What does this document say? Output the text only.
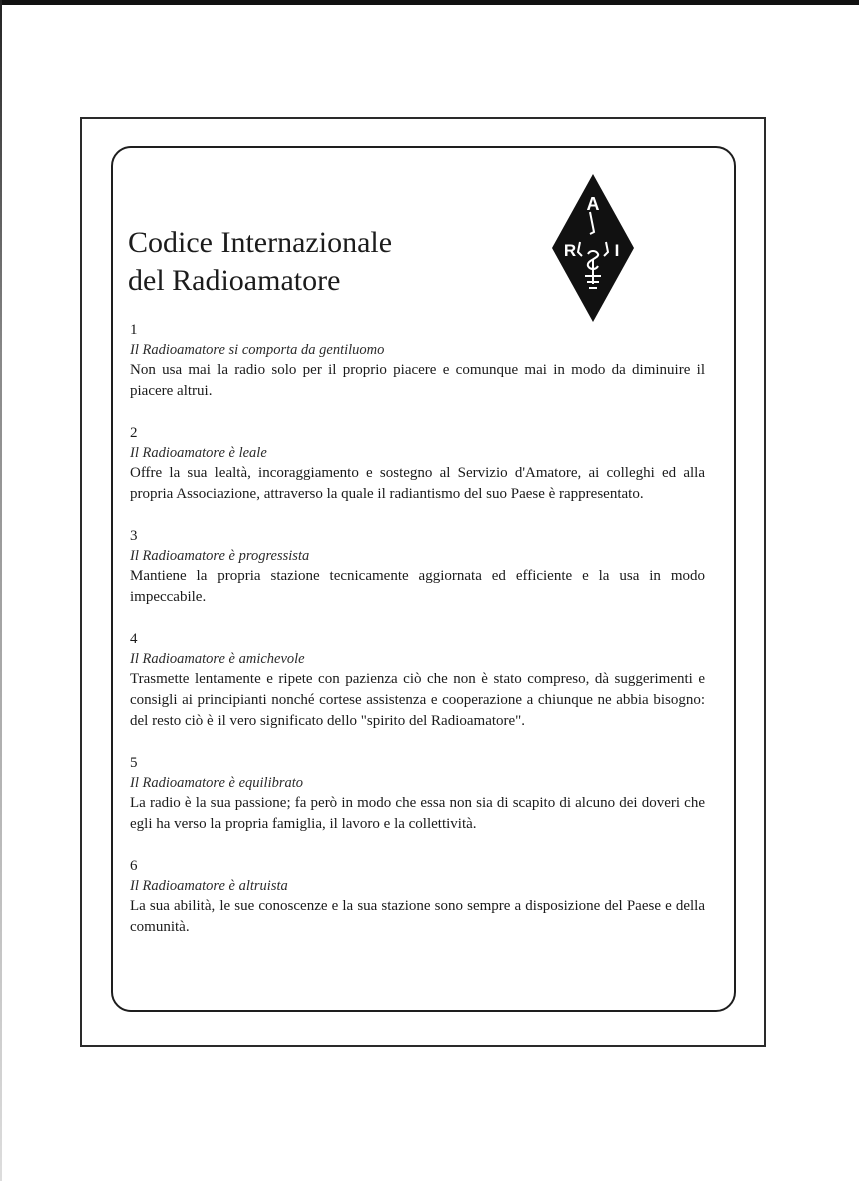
Codice Internazionale
del Radioamatore
A
R I
1
Il Radioamatore si comporta da gentiluomo
Non usa mai la radio solo per il proprio piacere e comunque mai in modo da diminuire il piacere altrui.
2
Il Radioamatore è leale
Offre la sua lealtà, incoraggiamento e sostegno al Servizio d'Amatore, ai colleghi ed alla propria Associazione, attraverso la quale il radiantismo del suo Paese è rappresentato.
3
Il Radioamatore è progressista
Mantiene la propria stazione tecnicamente aggiornata ed efficiente e la usa in modo impeccabile.
4
Il Radioamatore è amichevole
Trasmette lentamente e ripete con pazienza ciò che non è stato compreso, dà suggerimenti e consigli ai principianti nonché cortese assistenza e cooperazione a chiunque ne abbia bisogno: del resto ciò è il vero significato dello "spirito del Radioamatore".
5
Il Radioamatore è equilibrato
La radio è la sua passione; fa però in modo che essa non sia di scapito di alcuno dei doveri che egli ha verso la propria famiglia, il lavoro e la collettività.
6
Il Radioamatore è altruista
La sua abilità, le sue conoscenze e la sua stazione sono sempre a disposizione del Paese e della comunità.
